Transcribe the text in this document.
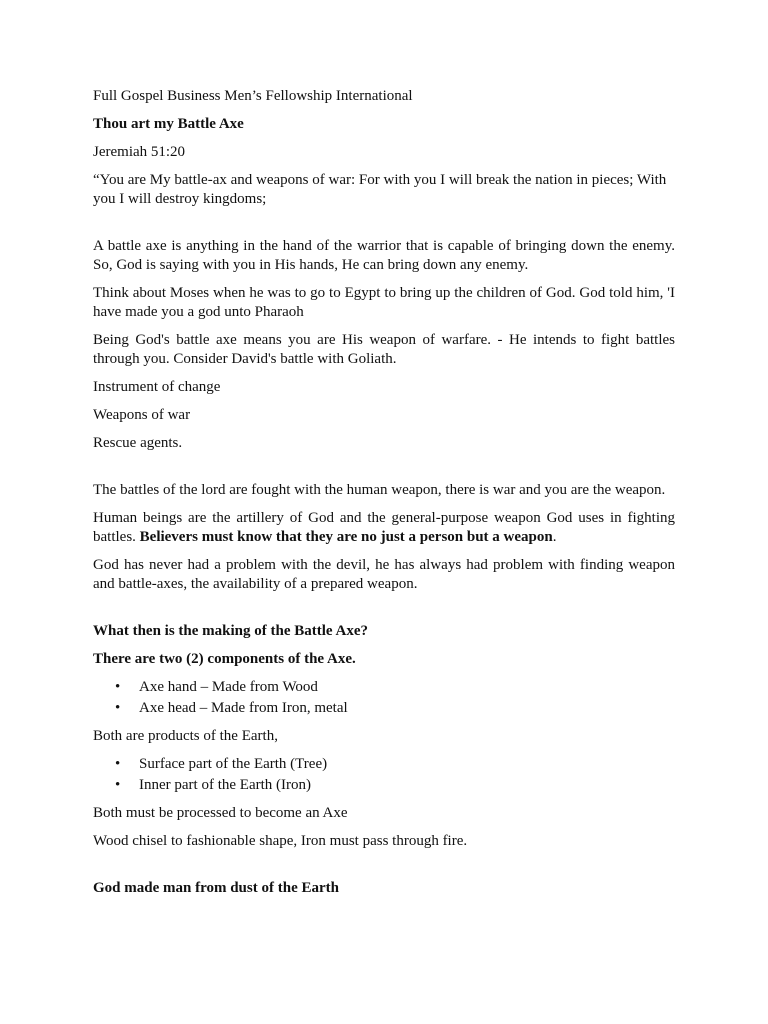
Full Gospel Business Men’s Fellowship International

Thou art my Battle Axe

Jeremiah 51:20

“You are My battle-ax and weapons of war: For with you I will break the nation in pieces; With you I will destroy kingdoms;

A battle axe is anything in the hand of the warrior that is capable of bringing down the enemy. So, God is saying with you in His hands, He can bring down any enemy.

Think about Moses when he was to go to Egypt to bring up the children of God. God told him, 'I have made you a god unto Pharaoh

Being God's battle axe means you are His weapon of warfare. - He intends to fight battles through you. Consider David's battle with Goliath.

Instrument of change

Weapons of war

Rescue agents.

The battles of the lord are fought with the human weapon, there is war and you are the weapon.

Human beings are the artillery of God and the general-purpose weapon God uses in fighting battles. Believers must know that they are no just a person but a weapon.

God has never had a problem with the devil, he has always had problem with finding weapon and battle-axes, the availability of a prepared weapon.

What then is the making of the Battle Axe?

There are two (2) components of the Axe.

• Axe hand – Made from Wood
• Axe head – Made from Iron, metal

Both are products of the Earth,

• Surface part of the Earth (Tree)
• Inner part of the Earth (Iron)

Both must be processed to become an Axe

Wood chisel to fashionable shape, Iron must pass through fire.

God made man from dust of the Earth
